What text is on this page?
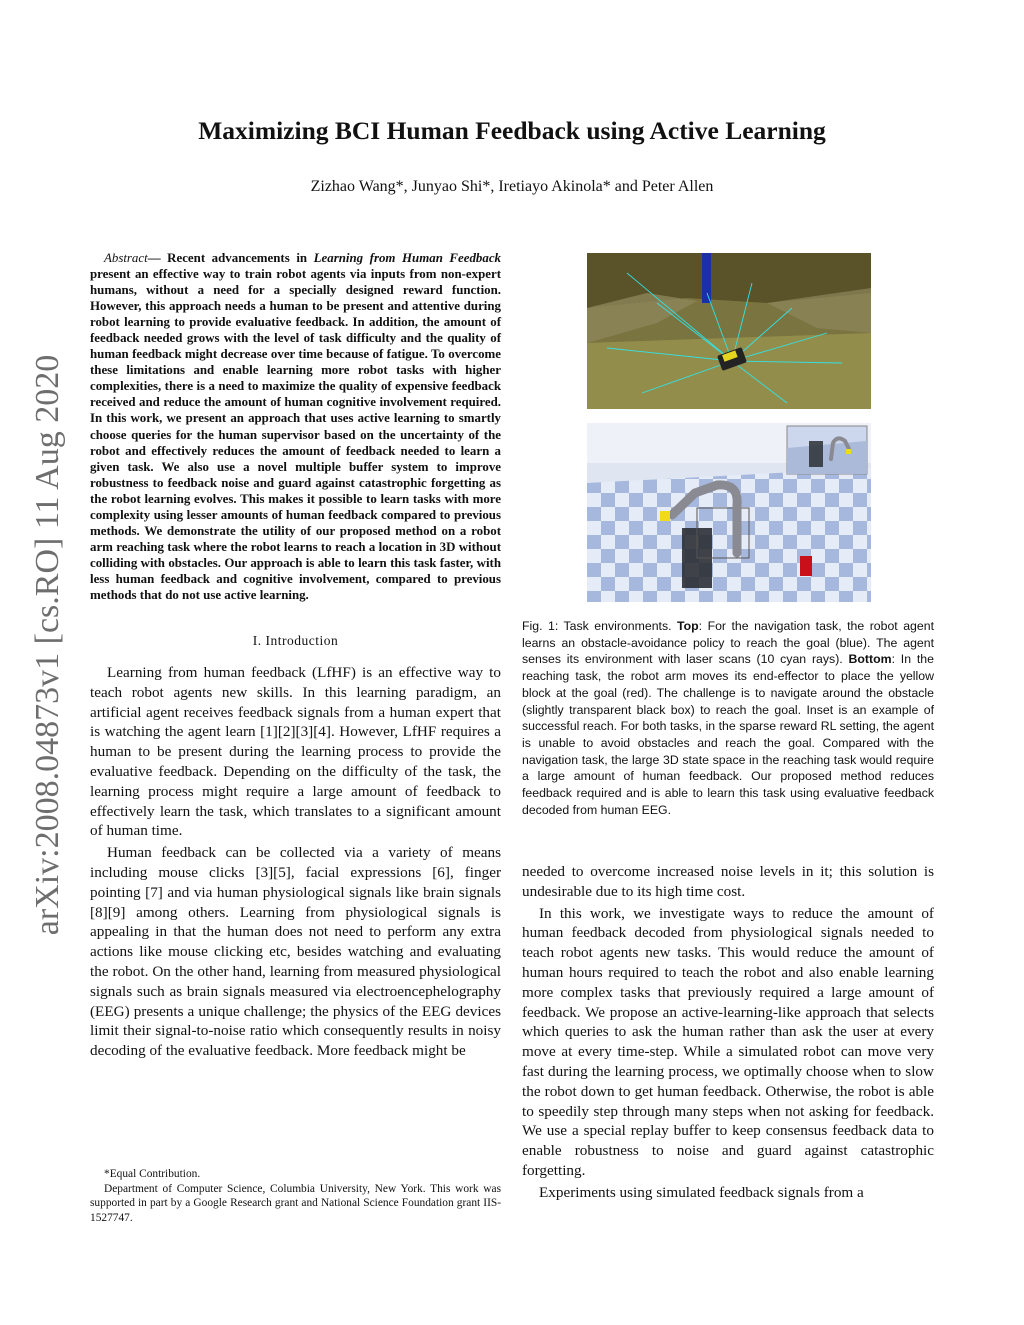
arXiv:2008.04873v1 [cs.RO] 11 Aug 2020
Maximizing BCI Human Feedback using Active Learning
Zizhao Wang*, Junyao Shi*, Iretiayo Akinola* and Peter Allen

Abstract— Recent advancements in Learning from Human Feedback present an effective way to train robot agents via inputs from non-expert humans, without a need for a specially designed reward function. However, this approach needs a human to be present and attentive during robot learning to provide evaluative feedback. In addition, the amount of feedback needed grows with the level of task difficulty and the quality of human feedback might decrease over time because of fatigue. To overcome these limitations and enable learning more robot tasks with higher complexities, there is a need to maximize the quality of expensive feedback received and reduce the amount of human cognitive involvement required. In this work, we present an approach that uses active learning to smartly choose queries for the human supervisor based on the uncertainty of the robot and effectively reduces the amount of feedback needed to learn a given task. We also use a novel multiple buffer system to improve robustness to feedback noise and guard against catastrophic forgetting as the robot learning evolves. This makes it possible to learn tasks with more complexity using lesser amounts of human feedback compared to previous methods. We demonstrate the utility of our proposed method on a robot arm reaching task where the robot learns to reach a location in 3D without colliding with obstacles. Our approach is able to learn this task faster, with less human feedback and cognitive involvement, compared to previous methods that do not use active learning.

I. Introduction

Learning from human feedback (LfHF) is an effective way to teach robot agents new skills. In this learning paradigm, an artificial agent receives feedback signals from a human expert that is watching the agent learn [1][2][3][4]. However, LfHF requires a human to be present during the learning process to provide the evaluative feedback. Depending on the difficulty of the task, the learning process might require a large amount of feedback to effectively learn the task, which translates to a significant amount of human time.

Human feedback can be collected via a variety of means including mouse clicks [3][5], facial expressions [6], finger pointing [7] and via human physiological signals like brain signals [8][9] among others. Learning from physiological signals is appealing in that the human does not need to perform any extra actions like mouse clicking etc, besides watching and evaluating the robot. On the other hand, learning from measured physiological signals such as brain signals measured via electroencephelography (EEG) presents a unique challenge; the physics of the EEG devices limit their signal-to-noise ratio which consequently results in noisy decoding of the evaluative feedback. More feedback might be

*Equal Contribution.

Department of Computer Science, Columbia University, New York. This work was supported in part by a Google Research grant and National Science Foundation grant IIS-1527747.

Fig. 1: Task environments. Top: For the navigation task, the robot agent learns an obstacle-avoidance policy to reach the goal (blue). The agent senses its environment with laser scans (10 cyan rays). Bottom: In the reaching task, the robot arm moves its end-effector to place the yellow block at the goal (red). The challenge is to navigate around the obstacle (slightly transparent black box) to reach the goal. Inset is an example of successful reach. For both tasks, in the sparse reward RL setting, the agent is unable to avoid obstacles and reach the goal. Compared with the navigation task, the large 3D state space in the reaching task would require a large amount of human feedback. Our proposed method reduces feedback required and is able to learn this task using evaluative feedback decoded from human EEG.

needed to overcome increased noise levels in it; this solution is undesirable due to its high time cost.

In this work, we investigate ways to reduce the amount of human feedback decoded from physiological signals needed to teach robot agents new tasks. This would reduce the amount of human hours required to teach the robot and also enable learning more complex tasks that previously required a large amount of feedback. We propose an active-learning-like approach that selects which queries to ask the human rather than ask the user at every move at every time-step. While a simulated robot can move very fast during the learning process, we optimally choose when to slow the robot down to get human feedback. Otherwise, the robot is able to speedily step through many steps when not asking for feedback. We use a special replay buffer to keep consensus feedback data to enable robustness to noise and guard against catastrophic forgetting.

Experiments using simulated feedback signals from a
